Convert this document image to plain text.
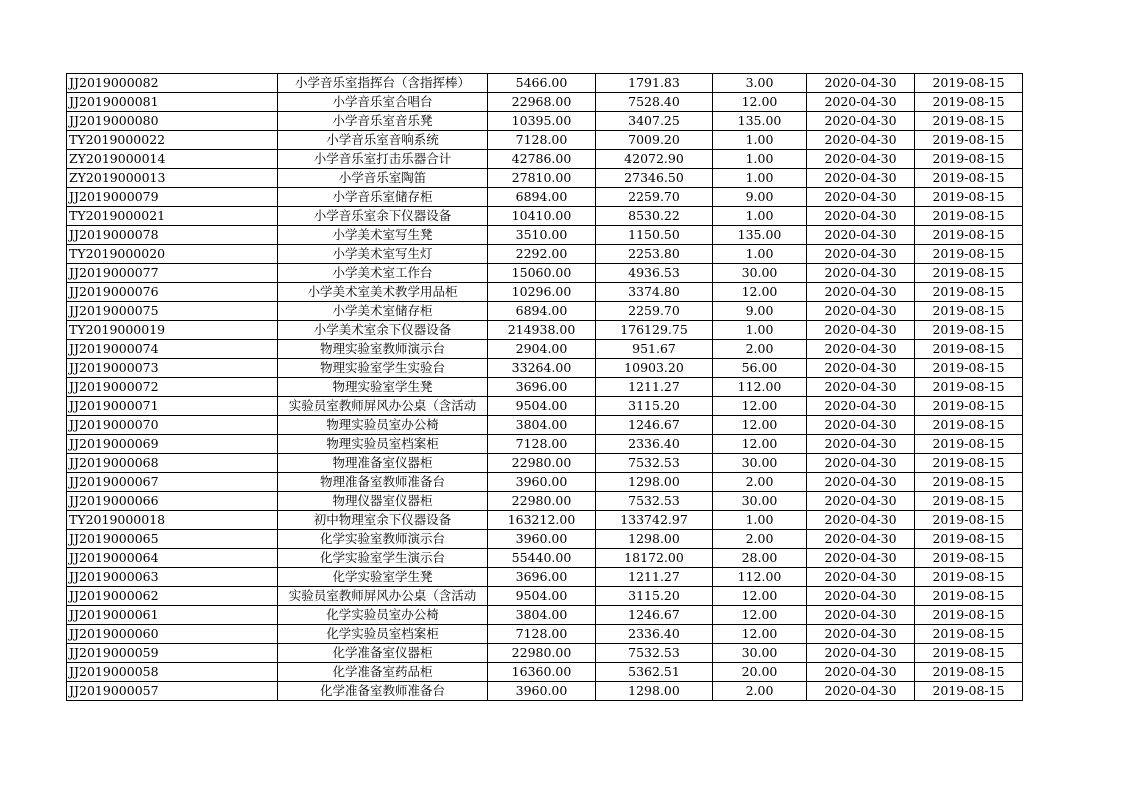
JJ2019000082	小学音乐室指挥台（含指挥棒）	5466.00	1791.83	3.00	2020-04-30	2019-08-15
JJ2019000081	小学音乐室合唱台	22968.00	7528.40	12.00	2020-04-30	2019-08-15
JJ2019000080	小学音乐室音乐凳	10395.00	3407.25	135.00	2020-04-30	2019-08-15
TY2019000022	小学音乐室音响系统	7128.00	7009.20	1.00	2020-04-30	2019-08-15
ZY2019000014	小学音乐室打击乐器合计	42786.00	42072.90	1.00	2020-04-30	2019-08-15
ZY2019000013	小学音乐室陶笛	27810.00	27346.50	1.00	2020-04-30	2019-08-15
JJ2019000079	小学音乐室储存柜	6894.00	2259.70	9.00	2020-04-30	2019-08-15
TY2019000021	小学音乐室余下仪器设备	10410.00	8530.22	1.00	2020-04-30	2019-08-15
JJ2019000078	小学美术室写生凳	3510.00	1150.50	135.00	2020-04-30	2019-08-15
TY2019000020	小学美术室写生灯	2292.00	2253.80	1.00	2020-04-30	2019-08-15
JJ2019000077	小学美术室工作台	15060.00	4936.53	30.00	2020-04-30	2019-08-15
JJ2019000076	小学美术室美术教学用品柜	10296.00	3374.80	12.00	2020-04-30	2019-08-15
JJ2019000075	小学美术室储存柜	6894.00	2259.70	9.00	2020-04-30	2019-08-15
TY2019000019	小学美术室余下仪器设备	214938.00	176129.75	1.00	2020-04-30	2019-08-15
JJ2019000074	物理实验室教师演示台	2904.00	951.67	2.00	2020-04-30	2019-08-15
JJ2019000073	物理实验室学生实验台	33264.00	10903.20	56.00	2020-04-30	2019-08-15
JJ2019000072	物理实验室学生凳	3696.00	1211.27	112.00	2020-04-30	2019-08-15
JJ2019000071	实验员室教师屏风办公桌（含活动	9504.00	3115.20	12.00	2020-04-30	2019-08-15
JJ2019000070	物理实验员室办公椅	3804.00	1246.67	12.00	2020-04-30	2019-08-15
JJ2019000069	物理实验员室档案柜	7128.00	2336.40	12.00	2020-04-30	2019-08-15
JJ2019000068	物理准备室仪器柜	22980.00	7532.53	30.00	2020-04-30	2019-08-15
JJ2019000067	物理准备室教师准备台	3960.00	1298.00	2.00	2020-04-30	2019-08-15
JJ2019000066	物理仪器室仪器柜	22980.00	7532.53	30.00	2020-04-30	2019-08-15
TY2019000018	初中物理室余下仪器设备	163212.00	133742.97	1.00	2020-04-30	2019-08-15
JJ2019000065	化学实验室教师演示台	3960.00	1298.00	2.00	2020-04-30	2019-08-15
JJ2019000064	化学实验室学生演示台	55440.00	18172.00	28.00	2020-04-30	2019-08-15
JJ2019000063	化学实验室学生凳	3696.00	1211.27	112.00	2020-04-30	2019-08-15
JJ2019000062	实验员室教师屏风办公桌（含活动	9504.00	3115.20	12.00	2020-04-30	2019-08-15
JJ2019000061	化学实验员室办公椅	3804.00	1246.67	12.00	2020-04-30	2019-08-15
JJ2019000060	化学实验员室档案柜	7128.00	2336.40	12.00	2020-04-30	2019-08-15
JJ2019000059	化学准备室仪器柜	22980.00	7532.53	30.00	2020-04-30	2019-08-15
JJ2019000058	化学准备室药品柜	16360.00	5362.51	20.00	2020-04-30	2019-08-15
JJ2019000057	化学准备室教师准备台	3960.00	1298.00	2.00	2020-04-30	2019-08-15
